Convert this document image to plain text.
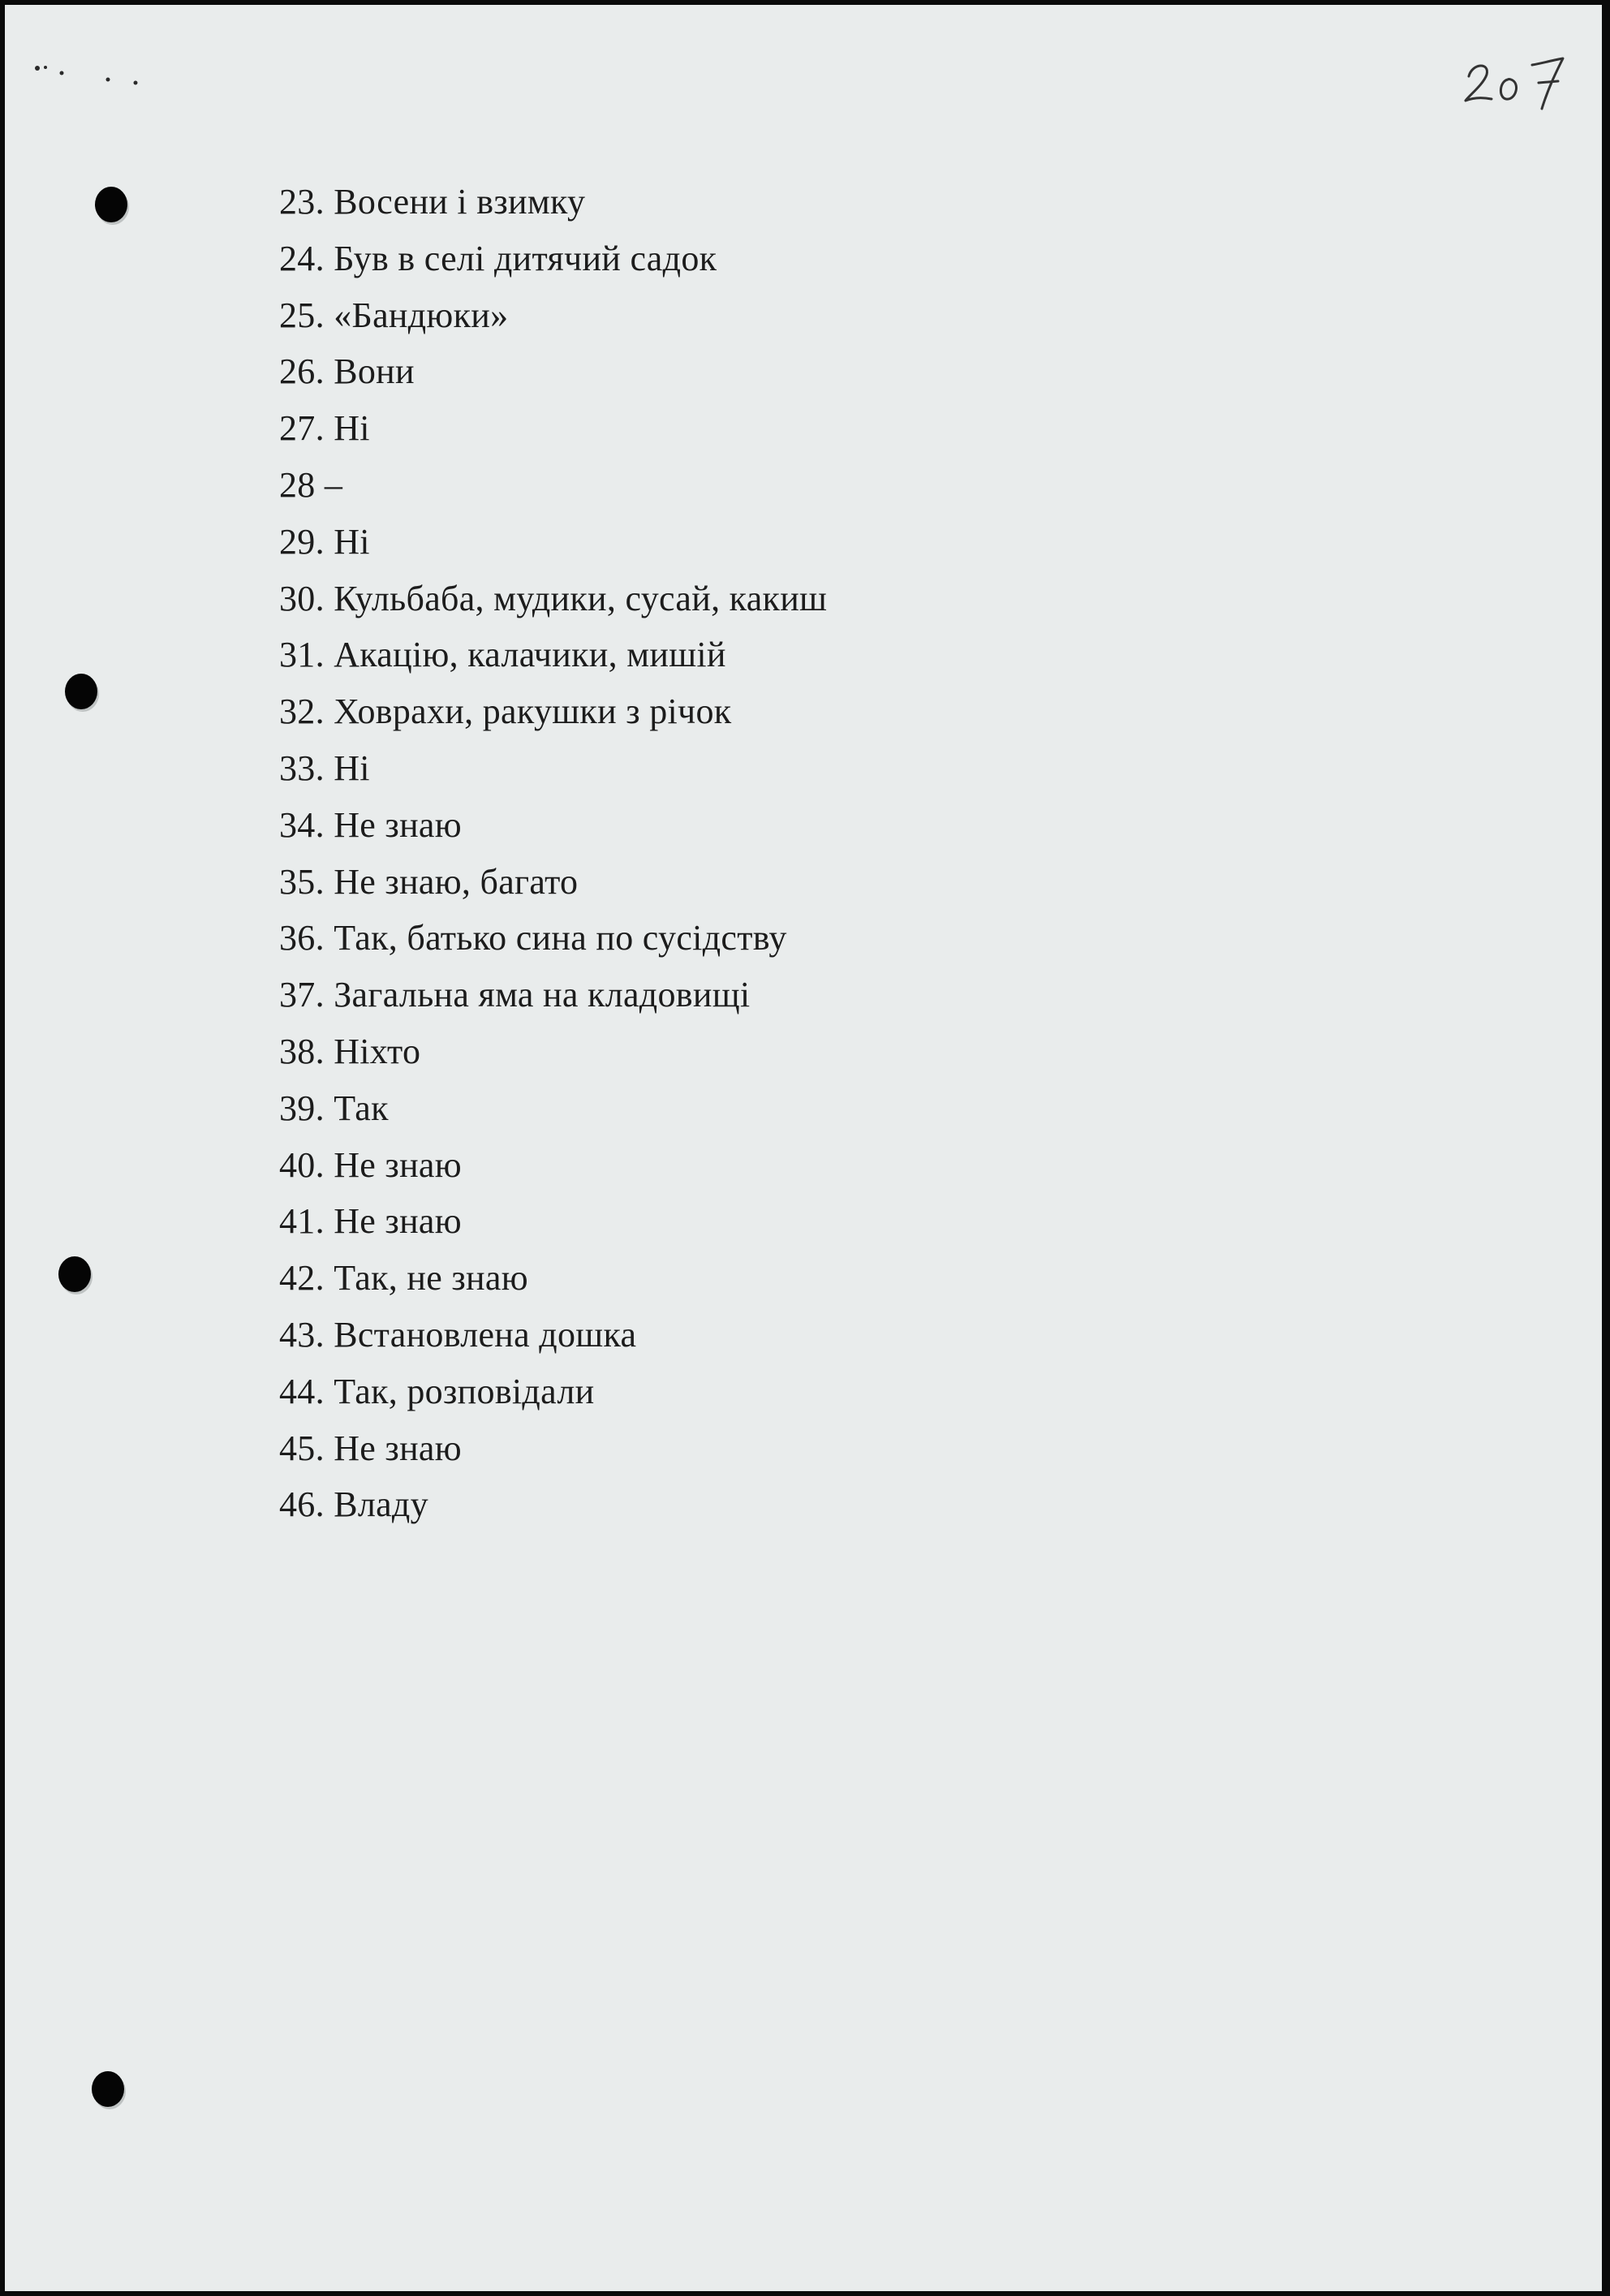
23. Восени і взимку
24. Був в селі дитячий садок
25. «Бандюки»
26. Вони
27. Ні
28 –
29. Ні
30. Кульбаба, мудики, сусай, какиш
31. Акацію, калачики, мишій
32. Ховрахи, ракушки з річок
33. Ні
34. Не знаю
35. Не знаю, багато
36. Так, батько сина по сусідству
37. Загальна яма на кладовищі
38. Ніхто
39. Так
40. Не знаю
41. Не знаю
42. Так, не знаю
43. Встановлена дошка
44. Так, розповідали
45. Не знаю
46. Владу
